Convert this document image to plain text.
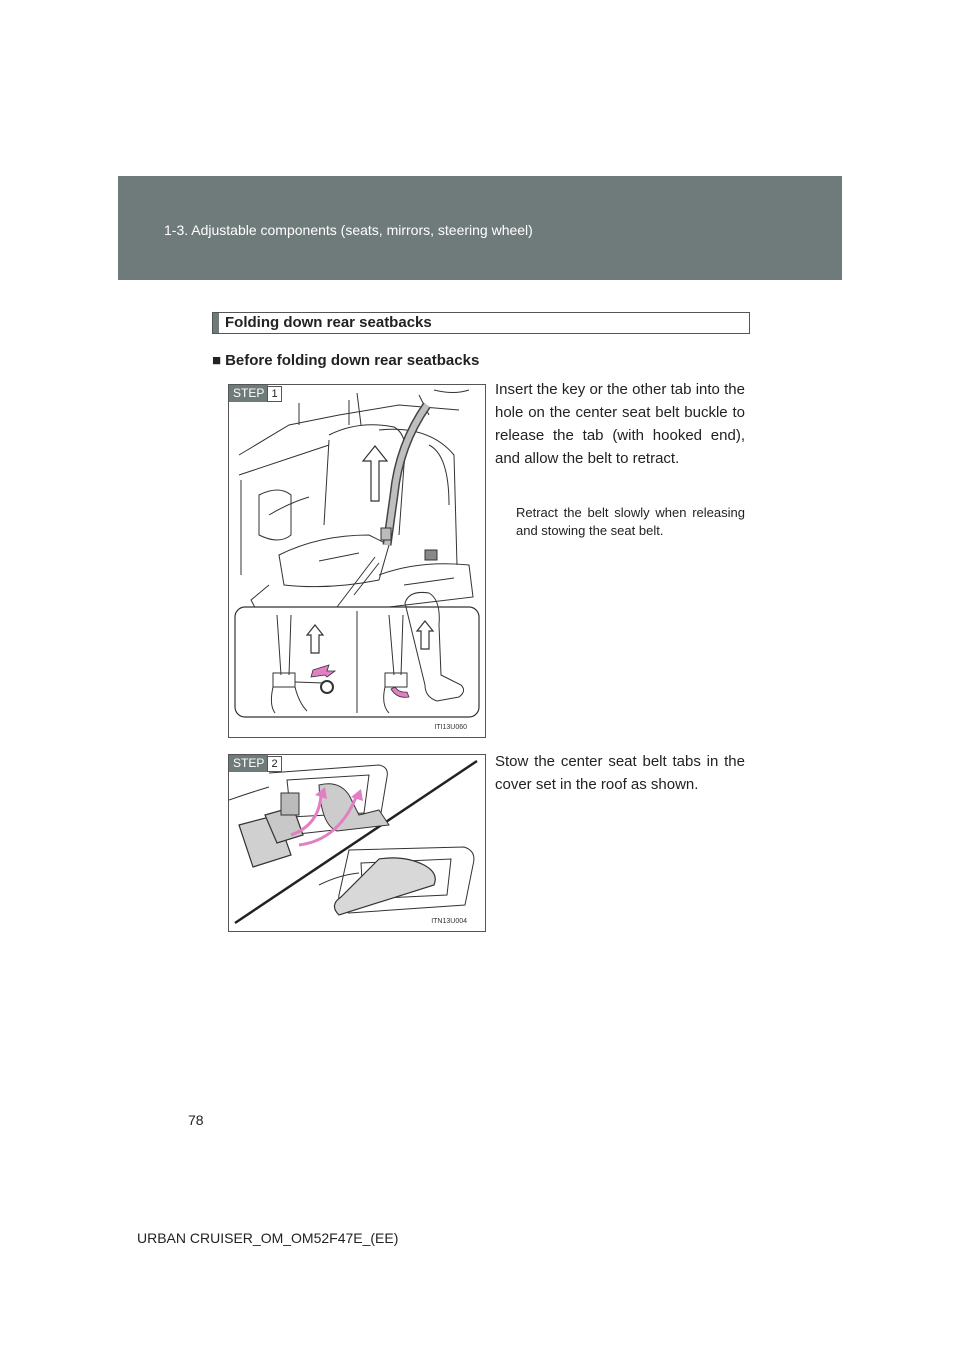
1-3. Adjustable components (seats, mirrors, steering wheel)
Folding down rear seatbacks
■ Before folding down rear seatbacks
STEP 1
ITI13U060
Insert the key or the other tab into the hole on the center seat belt buckle to release the tab (with hooked end), and allow the belt to retract.
Retract the belt slowly when releasing and stowing the seat belt.
STEP 2
ITN13U004
Stow the center seat belt tabs in the cover set in the roof as shown.
78
URBAN CRUISER_OM_OM52F47E_(EE)
